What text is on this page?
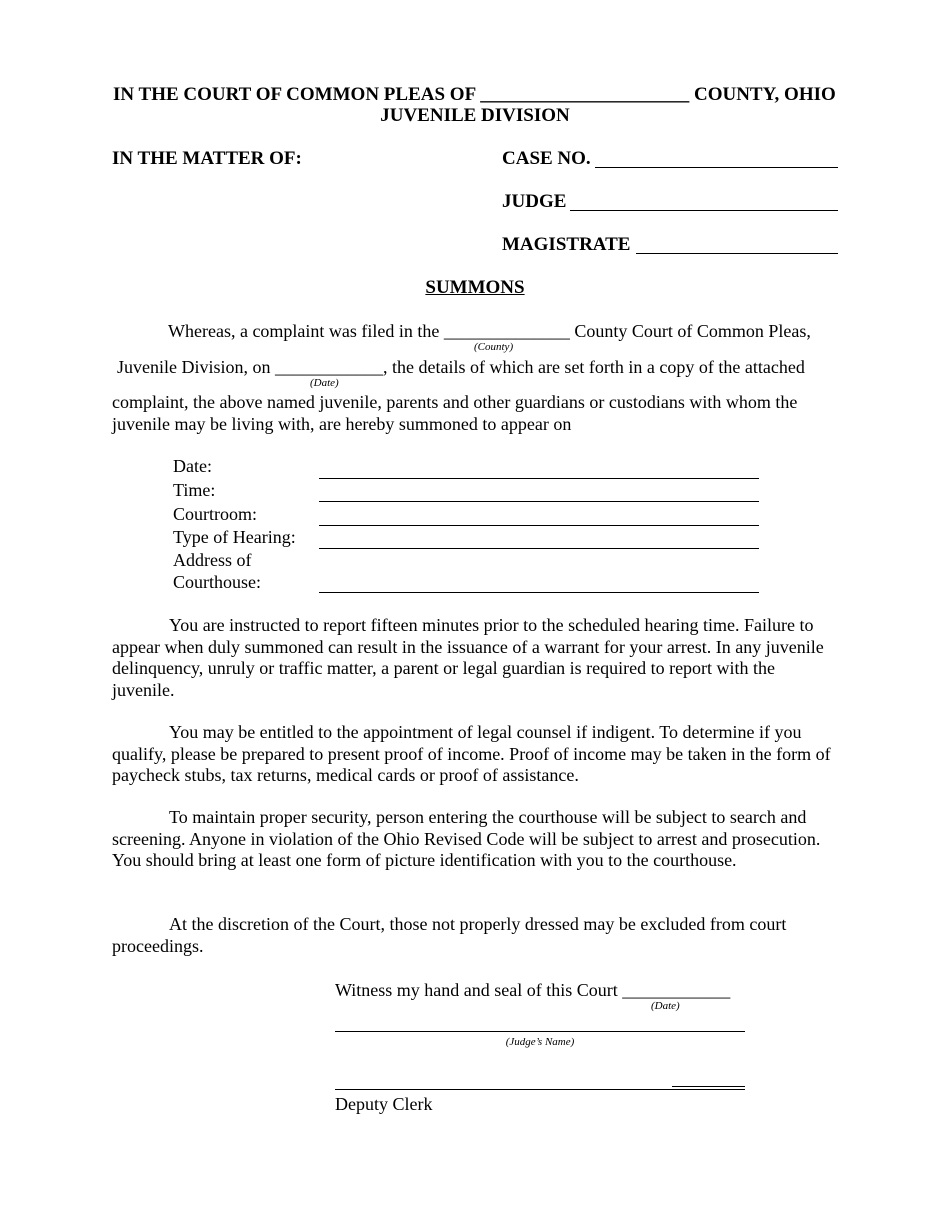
IN THE COURT OF COMMON PLEAS OF ______________________ COUNTY, OHIO
JUVENILE DIVISION
IN THE MATTER OF:	CASE NO.
JUDGE
MAGISTRATE
SUMMONS
Whereas, a complaint was filed in the ______________ County Court of Common Pleas,
(County)
Juvenile Division, on ____________, the details of which are set forth in a copy of the attached
(Date)
complaint, the above named juvenile, parents and other guardians or custodians with whom the juvenile may be living with, are hereby summoned to appear on
Date:
Time:
Courtroom:
Type of Hearing:
Address of
Courthouse:
You are instructed to report fifteen minutes prior to the scheduled hearing time. Failure to appear when duly summoned can result in the issuance of a warrant for your arrest. In any juvenile delinquency, unruly or traffic matter, a parent or legal guardian is required to report with the juvenile.
You may be entitled to the appointment of legal counsel if indigent. To determine if you qualify, please be prepared to present proof of income. Proof of income may be taken in the form of paycheck stubs, tax returns, medical cards or proof of assistance.
To maintain proper security, person entering the courthouse will be subject to search and screening. Anyone in violation of the Ohio Revised Code will be subject to arrest and prosecution. You should bring at least one form of picture identification with you to the courthouse.
At the discretion of the Court, those not properly dressed may be excluded from court proceedings.
Witness my hand and seal of this Court ____________
(Date)
(Judge’s Name)
Deputy Clerk
